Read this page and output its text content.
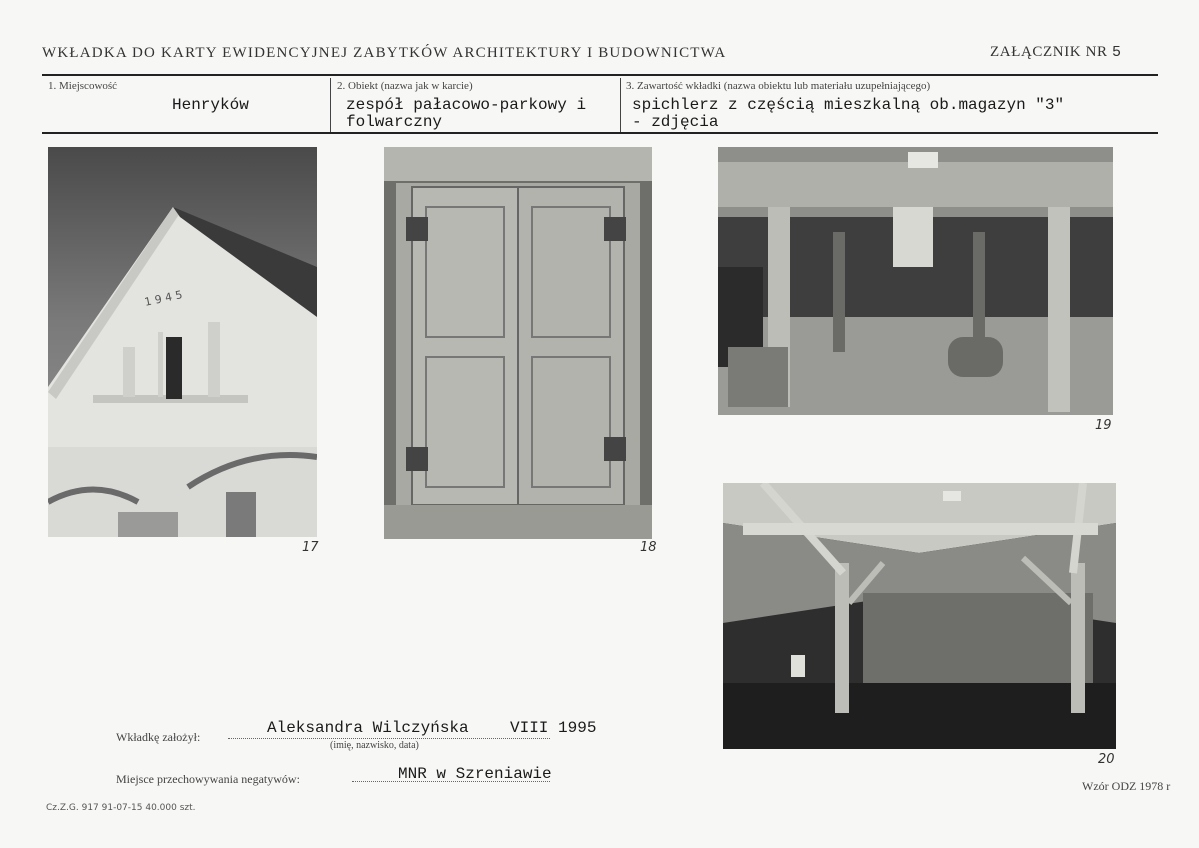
WKŁADKA DO KARTY EWIDENCYJNEJ ZABYTKÓW ARCHITEKTURY I BUDOWNICTWA	ZAŁĄCZNIK NR 5
1. Miejscowość
Henryków
2. Obiekt (nazwa jak w karcie)
zespół pałacowo-parkowy i
folwarczny
3. Zawartość wkładki (nazwa obiektu lub materiału uzupełniającego)
spichlerz z częścią mieszkalną ob.magazyn "3"
- zdjęcia
1 9 4 5
17	18
19
20
Wkładkę założył:	Aleksandra Wilczyńska	VIII 1995
(imię, nazwisko, data)
Miejsce przechowywania negatywów:	MNR w Szreniawie
Wzór ODZ 1978 r
Cz.Z.G. 917 91-07-15 40.000 szt.
